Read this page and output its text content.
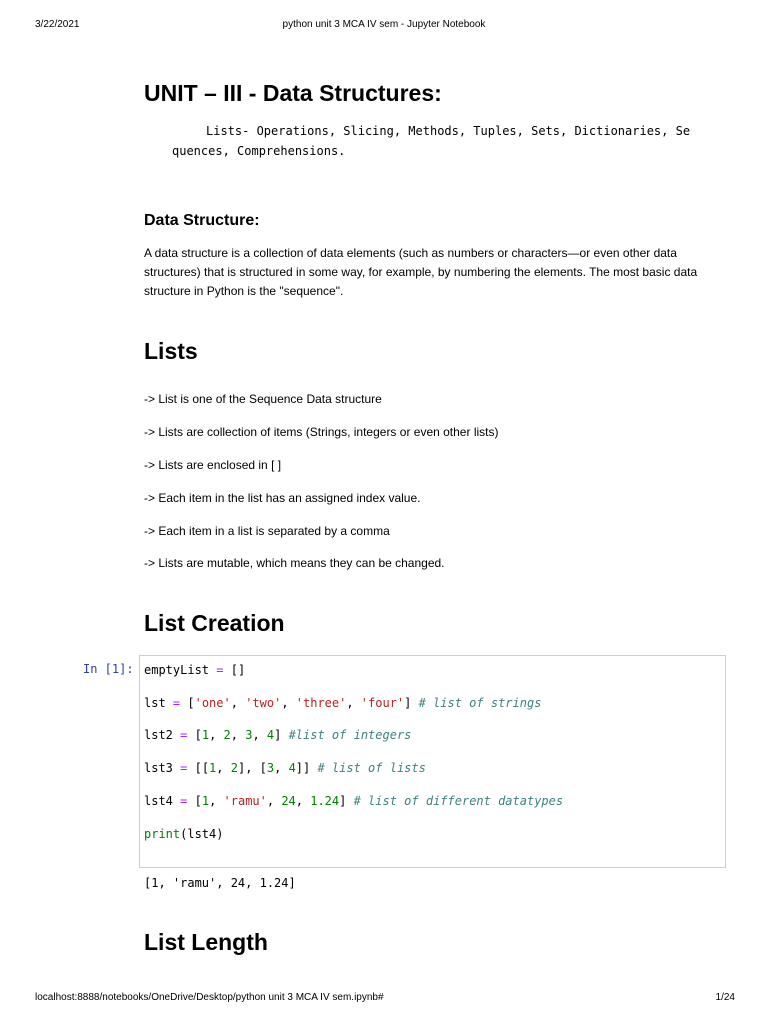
3/22/2021	python unit 3 MCA IV sem - Jupyter Notebook
UNIT – III - Data Structures:
Lists- Operations, Slicing, Methods, Tuples, Sets, Dictionaries, Se
quences, Comprehensions.
Data Structure:

A data structure is a collection of data elements (such as numbers or characters—or even other data structures) that is structured in some way, for example, by numbering the elements. The most basic data structure in Python is the "sequence".

Lists
-> List is one of the Sequence Data structure
-> Lists are collection of items (Strings, integers or even other lists)
-> Lists are enclosed in [ ]
-> Each item in the list has an assigned index value.
-> Each item in a list is separated by a comma
-> Lists are mutable, which means they can be changed.
List Creation
In [1]: emptyList = []
lst = ['one', 'two', 'three', 'four'] # list of strings
lst2 = [1, 2, 3, 4] #list of integers
lst3 = [[1, 2], [3, 4]] # list of lists
lst4 = [1, 'ramu', 24, 1.24] # list of different datatypes
print(lst4)
[1, 'ramu', 24, 1.24]
List Length
localhost:8888/notebooks/OneDrive/Desktop/python unit 3 MCA IV sem.ipynb#	1/24
